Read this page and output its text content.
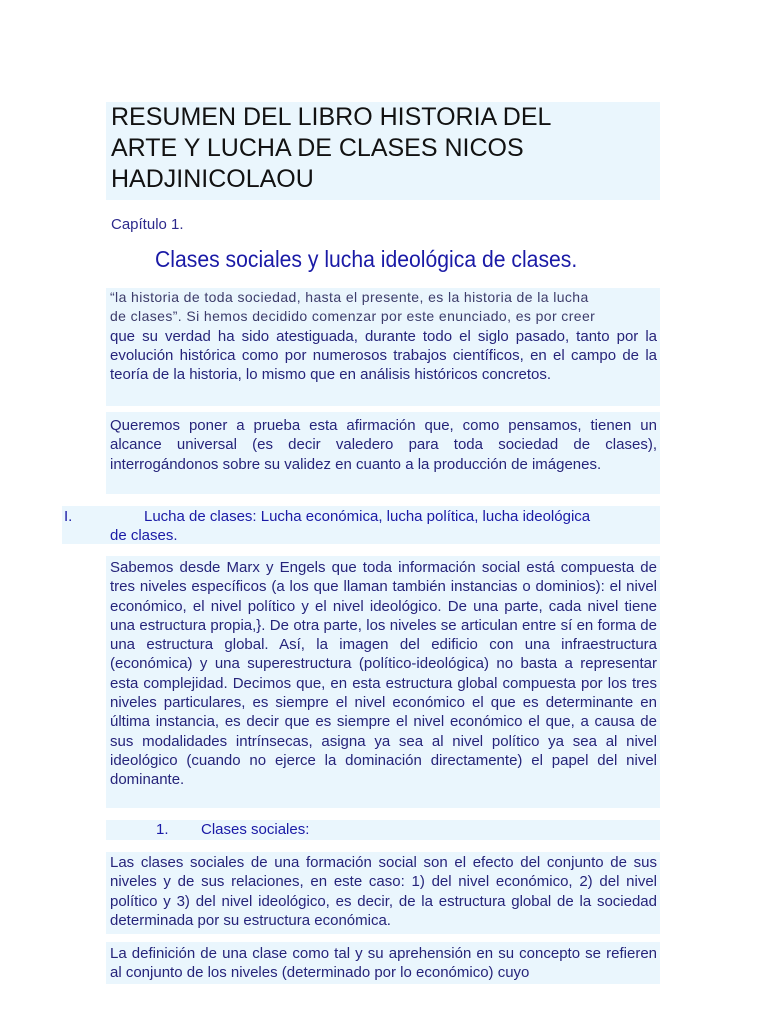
RESUMEN DEL LIBRO HISTORIA DEL
ARTE Y LUCHA DE CLASES NICOS
HADJINICOLAOU
Capítulo 1.
Clases sociales y lucha ideológica de clases.
“la historia de toda sociedad, hasta el presente, es la historia de la lucha
de clases”. Si hemos decidido comenzar por este enunciado, es por creer
que su verdad ha sido atestiguada, durante todo el siglo pasado, tanto por la evolución histórica como por numerosos trabajos científicos, en el campo de la teoría de la historia, lo mismo que en análisis históricos concretos.
Queremos poner a prueba esta afirmación que, como pensamos, tienen un alcance universal (es decir valedero para toda sociedad de clases), interrogándonos sobre su validez en cuanto a la producción de imágenes.
I.	Lucha de clases: Lucha económica, lucha política, lucha ideológica
de clases.
Sabemos desde Marx y Engels que toda información social está compuesta de tres niveles específicos (a los que llaman también instancias o dominios): el nivel económico, el nivel político y el nivel ideológico. De una parte, cada nivel tiene una estructura propia,}. De otra parte, los niveles se articulan entre sí en forma de una estructura global. Así, la imagen del edificio con una infraestructura (económica) y una superestructura (político-ideológica) no basta a representar esta complejidad. Decimos que, en esta estructura global compuesta por los tres niveles particulares, es siempre el nivel económico el que es determinante en última instancia, es decir que es siempre el nivel económico el que, a causa de sus modalidades intrínsecas, asigna ya sea al nivel político ya sea al nivel ideológico (cuando no ejerce la dominación directamente) el papel del nivel dominante.
1. Clases sociales:
Las clases sociales de una formación social son el efecto del conjunto de sus niveles y de sus relaciones, en este caso: 1) del nivel económico, 2) del nivel político y 3) del nivel ideológico, es decir, de la estructura global de la sociedad determinada por su estructura económica.
La definición de una clase como tal y su aprehensión en su concepto se refieren al conjunto de los niveles (determinado por lo económico) cuyo
